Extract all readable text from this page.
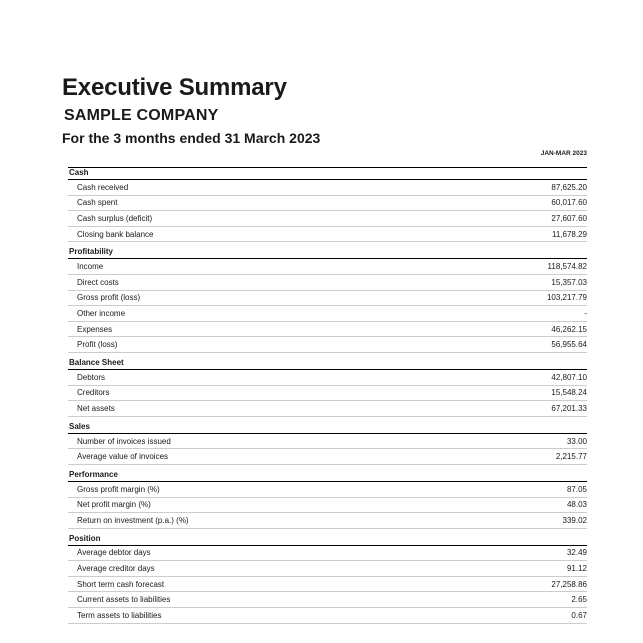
Executive Summary
SAMPLE COMPANY
For the 3 months ended 31 March 2023
JAN-MAR 2023
Cash
Cash received	87,625.20
Cash spent	60,017.60
Cash surplus (deficit)	27,607.60
Closing bank balance	11,678.29
Profitability
Income	118,574.82
Direct costs	15,357.03
Gross profit (loss)	103,217.79
Other income	-
Expenses	46,262.15
Profit (loss)	56,955.64
Balance Sheet
Debtors	42,807.10
Creditors	15,548.24
Net assets	67,201.33
Sales
Number of invoices issued	33.00
Average value of invoices	2,215.77
Performance
Gross profit margin (%)	87.05
Net profit margin (%)	48.03
Return on investment (p.a.) (%)	339.02
Position
Average debtor days	32.49
Average creditor days	91.12
Short term cash forecast	27,258.86
Current assets to liabilities	2.65
Term assets to liabilities	0.67
